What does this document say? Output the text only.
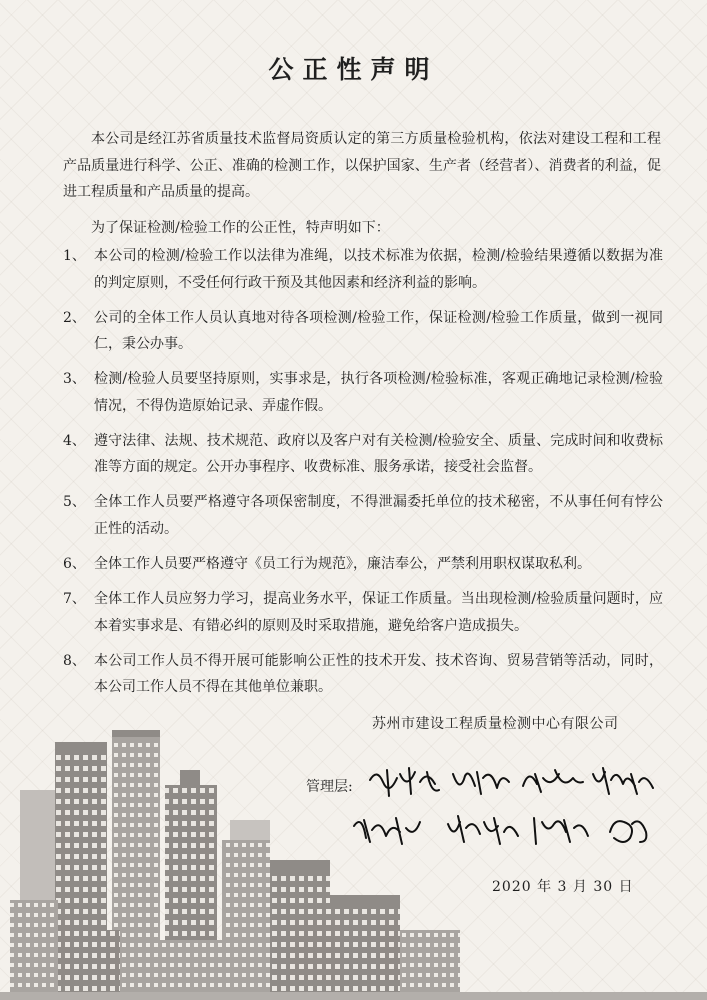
公正性声明

本公司是经江苏省质量技术监督局资质认定的第三方质量检验机构，依法对建设工程和工程产品质量进行科学、公正、准确的检测工作，以保护国家、生产者（经营者）、消费者的利益，促进工程质量和产品质量的提高。

为了保证检测/检验工作的公正性，特声明如下：

1、 本公司的检测/检验工作以法律为准绳，以技术标准为依据，检测/检验结果遵循以数据为准的判定原则，不受任何行政干预及其他因素和经济利益的影响。
2、 公司的全体工作人员认真地对待各项检测/检验工作，保证检测/检验工作质量，做到一视同仁，秉公办事。
3、 检测/检验人员要坚持原则，实事求是，执行各项检测/检验标准，客观正确地记录检测/检验情况，不得伪造原始记录、弄虚作假。
4、 遵守法律、法规、技术规范、政府以及客户对有关检测/检验安全、质量、完成时间和收费标准等方面的规定。公开办事程序、收费标准、服务承诺，接受社会监督。
5、 全体工作人员要严格遵守各项保密制度，不得泄漏委托单位的技术秘密，不从事任何有悖公正性的活动。
6、 全体工作人员要严格遵守《员工行为规范》，廉洁奉公，严禁利用职权谋取私利。
7、 全体工作人员应努力学习，提高业务水平，保证工作质量。当出现检测/检验质量问题时，应本着实事求是、有错必纠的原则及时采取措施，避免给客户造成损失。
8、 本公司工作人员不得开展可能影响公正性的技术开发、技术咨询、贸易营销等活动，同时，本公司工作人员不得在其他单位兼职。
苏州市建设工程质量检测中心有限公司
管理层:
2020 年 3 月 30 日
